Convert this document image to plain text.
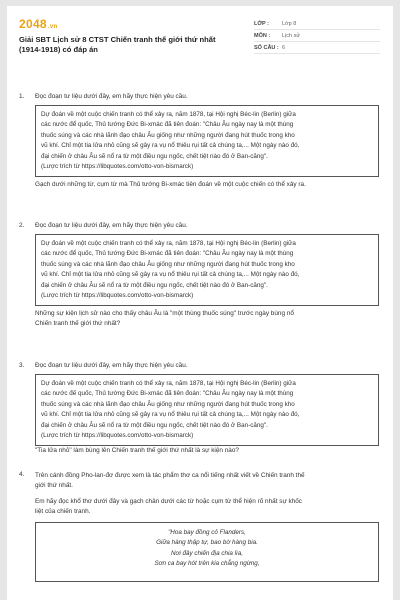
2048.vn
Giải SBT Lịch sử 8 CTST Chiến tranh thế giới thứ nhất
(1914-1918) có đáp án
LỚP :	Lớp 8
MÔN :	Lịch sử
SỐ CÂU : 6
1. Đọc đoạn tư liệu dưới đây, em hãy thực hiện yêu cầu.
Dự đoán về một cuộc chiến tranh có thể xảy ra, năm 1878, tại Hội nghị Béc-lin (Berlin) giữa
các nước để quốc, Thủ tướng Đức Bi-xmác đã tiên đoán: "Châu Âu ngày nay là một thùng
thuốc súng và các nhà lãnh đạo châu Âu giống như những người đang hút thuốc trong kho
vũ khí. Chỉ một tia lửa nhỏ cũng sẽ gây ra vụ nổ thiêu rụi tất cả chúng ta,... Một ngày nào đó,
đại chiến ở châu Âu sẽ nổ ra từ một điều ngu ngốc, chết tiệt nào đó ở Ban-căng".
(Lược trích từ https://libquotes.com/otto-von-bismarck)
Gạch dưới những từ, cụm từ mà Thủ tướng Bi-xmác tiên đoán về một cuộc chiến có thể xảy ra.
2. Đọc đoạn tư liệu dưới đây, em hãy thực hiện yêu cầu.
Dự đoán về một cuộc chiến tranh có thể xảy ra, năm 1878, tại Hội nghị Béc-lin (Berlin) giữa
các nước để quốc, Thủ tướng Đức Bi-xmác đã tiên đoán: "Châu Âu ngày nay là một thùng
thuốc súng và các nhà lãnh đạo châu Âu giống như những người đang hút thuốc trong kho
vũ khí. Chỉ một tia lửa nhỏ cũng sẽ gây ra vụ nổ thiêu rụi tất cả chúng ta,... Một ngày nào đó,
đại chiến ở châu Âu sẽ nổ ra từ một điều ngu ngốc, chết tiệt nào đó ở Ban-căng".
(Lược trích từ https://libquotes.com/otto-von-bismarck)
Những sự kiện lịch sử nào cho thấy châu Âu là "một thùng thuốc súng" trước ngày bùng nổ
Chiến tranh thế giới thứ nhất?
3. Đọc đoạn tư liệu dưới đây, em hãy thực hiện yêu cầu.
Dự đoán về một cuộc chiến tranh có thể xảy ra, năm 1878, tại Hội nghị Béc-lin (Berlin) giữa
các nước đế quốc, Thủ tướng Đức Bi-xmác đã tiên đoán: "Châu Âu ngày nay là một thùng
thuốc súng và các nhà lãnh đạo châu Âu giống như những người đang hút thuốc trong kho
vũ khí. Chỉ một tia lửa nhỏ cũng sẽ gây ra vụ nổ thiêu rụi tất cả chúng ta,... Một ngày nào đó,
đại chiến ở châu Âu sẽ nổ ra từ một điều ngu ngốc, chết tiệt nào đó ở Ban-căng".
(Lược trích từ https://libquotes.com/otto-von-bismarck)
"Tia lửa nhỏ" làm bùng lên Chiến tranh thế giới thứ nhất là sự kiện nào?
4. Trên cánh đồng Pho-lan-đơ được xem là tác phẩm thơ ca nổi tiếng nhất viết về Chiến tranh thế
giới thứ nhất.
Em hãy đọc khổ thơ dưới đây và gạch chân dưới các từ hoặc cụm từ thể hiện rõ nhất sự khốc
liệt của chiến tranh.
"Hoa bay đồng cỏ Flanders,
Giữa hàng thập tự, bao bờ hàng bia.
Nơi đây chiến địa chia lìa,
Sơn ca bay hót trên kia chẳng ngừng,
